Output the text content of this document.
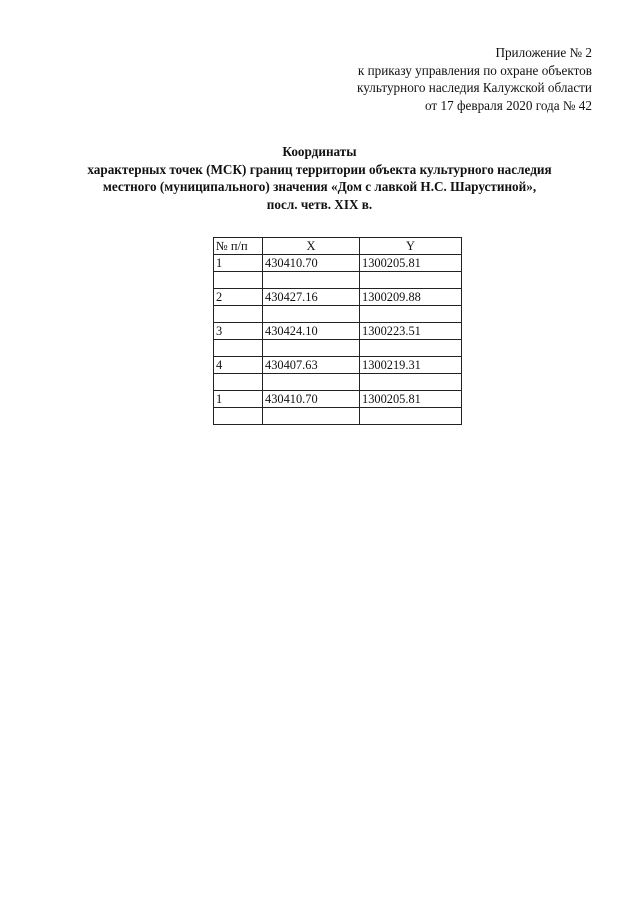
Приложение № 2
к приказу управления по охране объектов
культурного наследия Калужской области
от 17 февраля 2020 года № 42
Координаты
характерных точек (МСК) границ территории объекта культурного наследия
местного (муниципального) значения «Дом с лавкой Н.С. Шарустиной»,
посл. четв. XIX в.
№ п/п	X	Y
1	430410.70	1300205.81

2	430427.16	1300209.88

3	430424.10	1300223.51

4	430407.63	1300219.31

1	430410.70	1300205.81
